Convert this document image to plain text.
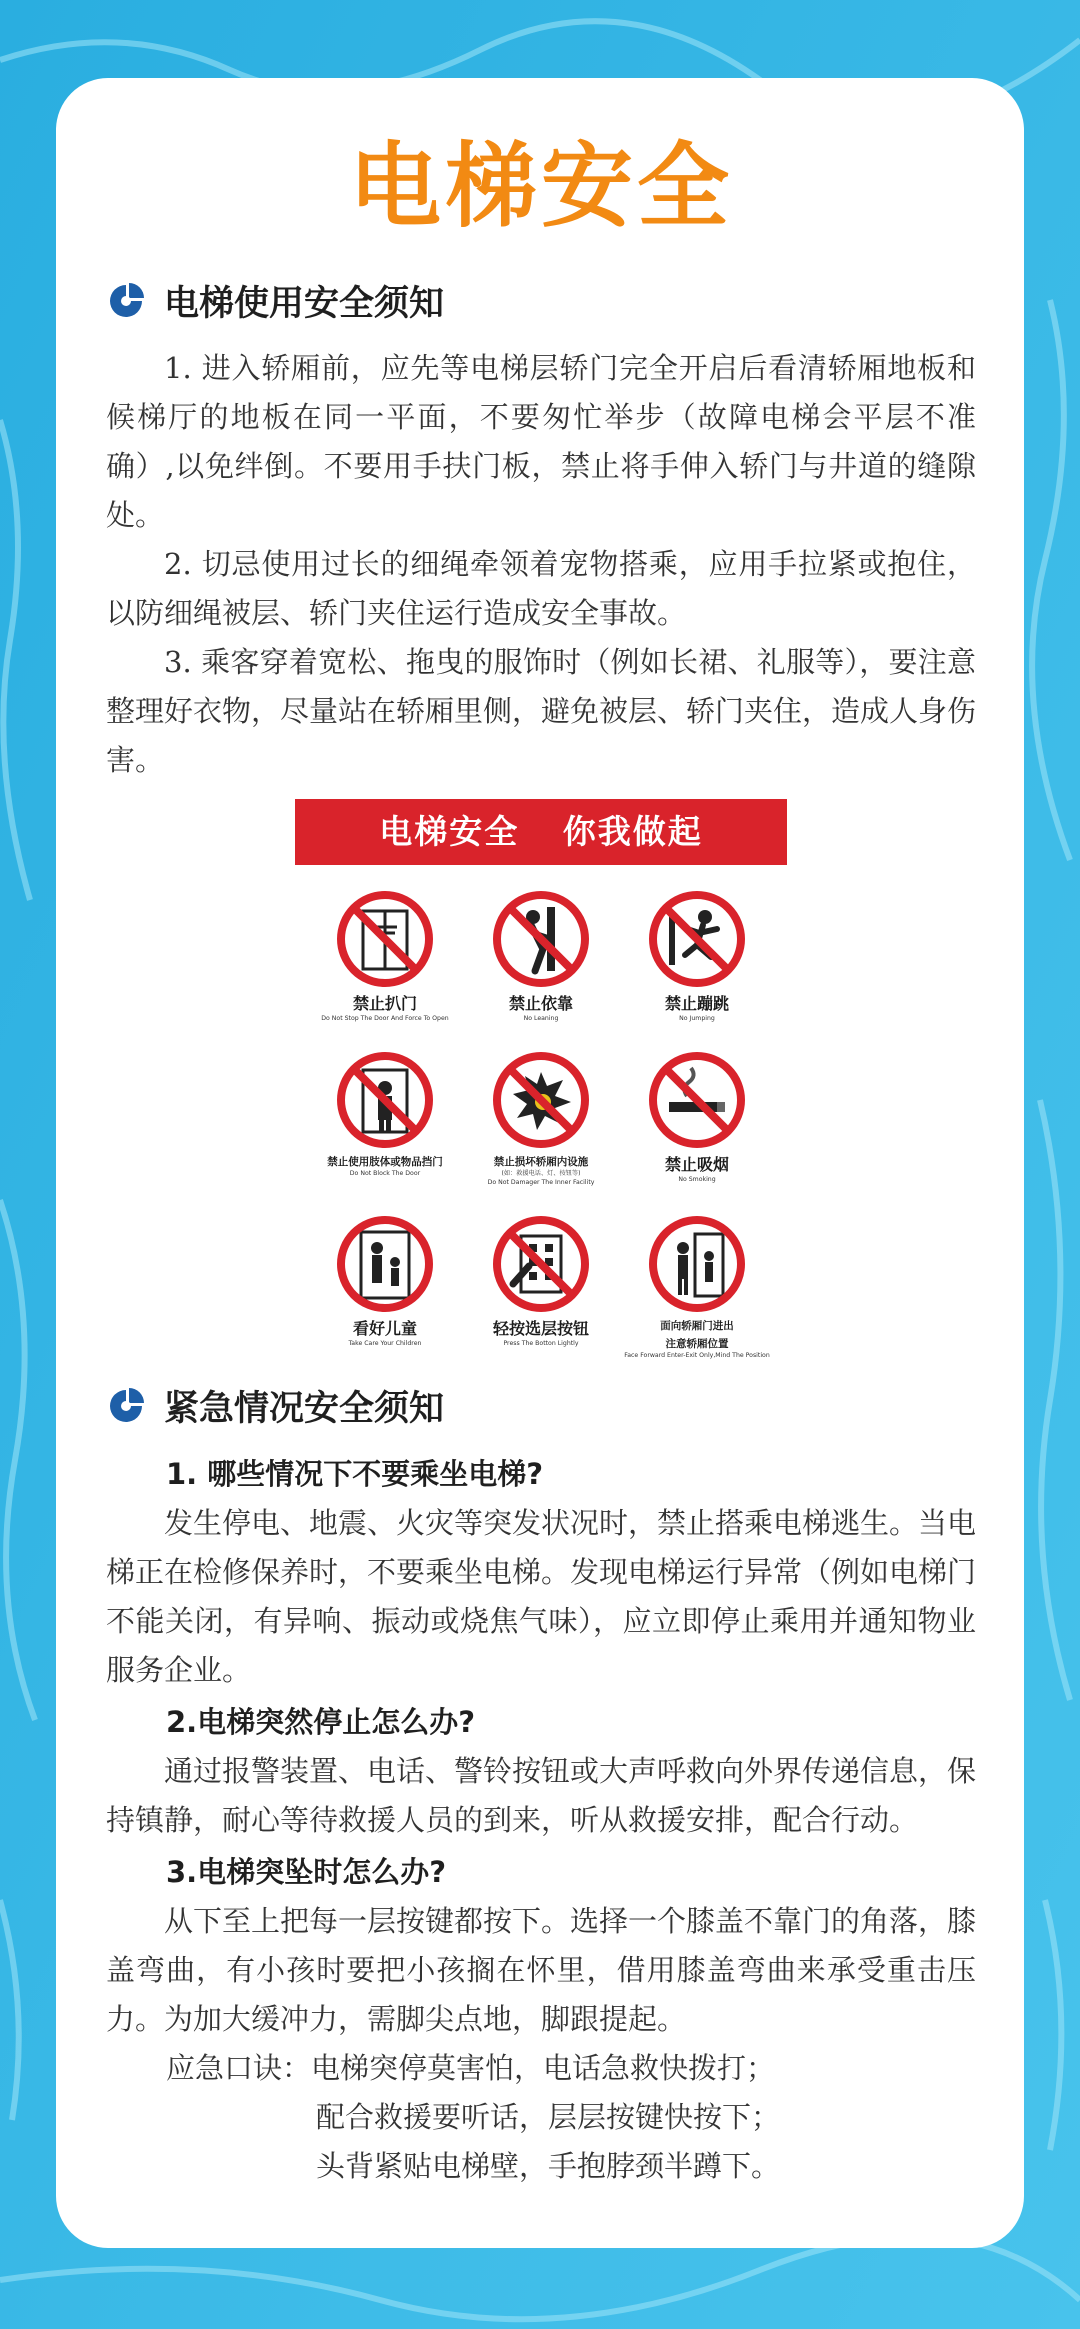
电梯安全
电梯使用安全须知

1. 进入轿厢前，应先等电梯层轿门完全开启后看清轿厢地板和候梯厅的地板在同一平面，不要匆忙举步（故障电梯会平层不准确）,以免绊倒。不要用手扶门板，禁止将手伸入轿门与井道的缝隙处。

2. 切忌使用过长的细绳牵领着宠物搭乘，应用手拉紧或抱住，以防细绳被层、轿门夹住运行造成安全事故。

3. 乘客穿着宽松、拖曳的服饰时（例如长裙、礼服等），要注意整理好衣物，尽量站在轿厢里侧，避免被层、轿门夹住，造成人身伤害。

电梯安全 你我做起
禁止扒门
Do Not Stop The Door And Force To Open
禁止依靠
No Leaning
禁止蹦跳
No Jumping
禁止使用肢体或物品挡门
Do Not Block The Door
禁止损坏轿厢内设施
(如：救援电话、灯、按钮等)
Do Not Damager The Inner Facility
禁止吸烟
No Smoking
看好儿童
Take Care Your Children
轻按选层按钮
Press The Botton Lightly
面向轿厢门进出
注意轿厢位置
Face Forward Enter-Exit Only,Mind The Position
紧急情况安全须知
1. 哪些情况下不要乘坐电梯?

发生停电、地震、火灾等突发状况时，禁止搭乘电梯逃生。当电梯正在检修保养时，不要乘坐电梯。发现电梯运行异常（例如电梯门不能关闭，有异响、振动或烧焦气味），应立即停止乘用并通知物业服务企业。

2.电梯突然停止怎么办?

通过报警装置、电话、警铃按钮或大声呼救向外界传递信息，保持镇静，耐心等待救援人员的到来，听从救援安排，配合行动。

3.电梯突坠时怎么办?

从下至上把每一层按键都按下。选择一个膝盖不靠门的角落，膝盖弯曲，有小孩时要把小孩搁在怀里，借用膝盖弯曲来承受重击压力。为加大缓冲力，需脚尖点地，脚跟提起。

应急口诀：电梯突停莫害怕，电话急救快拨打；
配合救援要听话，层层按键快按下；
头背紧贴电梯壁，手抱脖颈半蹲下。
